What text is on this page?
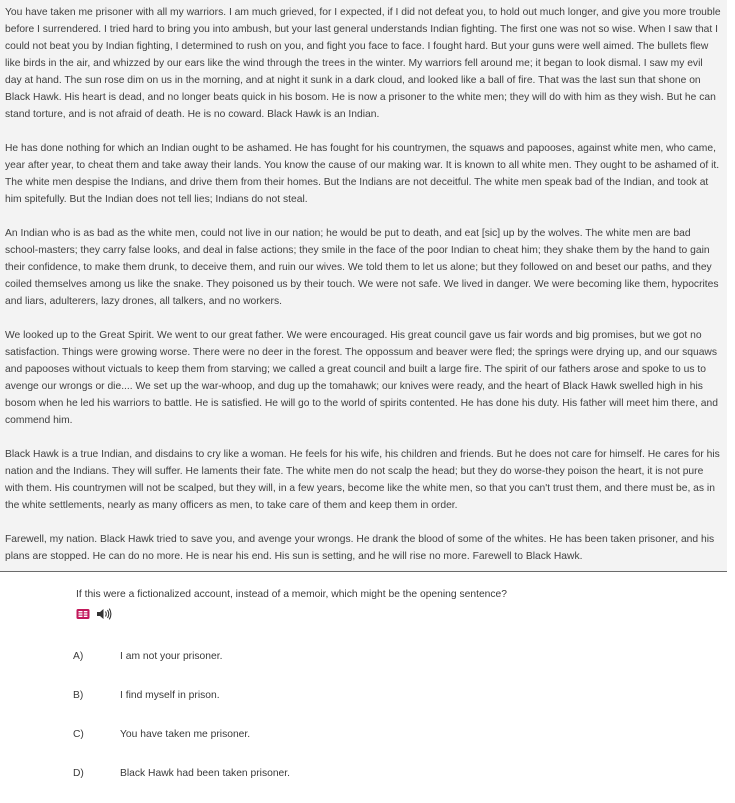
You have taken me prisoner with all my warriors. I am much grieved, for I expected, if I did not defeat you, to hold out much longer, and give you more trouble before I surrendered. I tried hard to bring you into ambush, but your last general understands Indian fighting. The first one was not so wise. When I saw that I could not beat you by Indian fighting, I determined to rush on you, and fight you face to face. I fought hard. But your guns were well aimed. The bullets flew like birds in the air, and whizzed by our ears like the wind through the trees in the winter. My warriors fell around me; it began to look dismal. I saw my evil day at hand. The sun rose dim on us in the morning, and at night it sunk in a dark cloud, and looked like a ball of fire. That was the last sun that shone on Black Hawk. His heart is dead, and no longer beats quick in his bosom. He is now a prisoner to the white men; they will do with him as they wish. But he can stand torture, and is not afraid of death. He is no coward. Black Hawk is an Indian.

He has done nothing for which an Indian ought to be ashamed. He has fought for his countrymen, the squaws and papooses, against white men, who came, year after year, to cheat them and take away their lands. You know the cause of our making war. It is known to all white men. They ought to be ashamed of it. The white men despise the Indians, and drive them from their homes. But the Indians are not deceitful. The white men speak bad of the Indian, and took at him spitefully. But the Indian does not tell lies; Indians do not steal.

An Indian who is as bad as the white men, could not live in our nation; he would be put to death, and eat [sic] up by the wolves. The white men are bad school-masters; they carry false looks, and deal in false actions; they smile in the face of the poor Indian to cheat him; they shake them by the hand to gain their confidence, to make them drunk, to deceive them, and ruin our wives. We told them to let us alone; but they followed on and beset our paths, and they coiled themselves among us like the snake. They poisoned us by their touch. We were not safe. We lived in danger. We were becoming like them, hypocrites and liars, adulterers, lazy drones, all talkers, and no workers.

We looked up to the Great Spirit. We went to our great father. We were encouraged. His great council gave us fair words and big promises, but we got no satisfaction. Things were growing worse. There were no deer in the forest. The oppossum and beaver were fled; the springs were drying up, and our squaws and papooses without victuals to keep them from starving; we called a great council and built a large fire. The spirit of our fathers arose and spoke to us to avenge our wrongs or die.... We set up the war-whoop, and dug up the tomahawk; our knives were ready, and the heart of Black Hawk swelled high in his bosom when he led his warriors to battle. He is satisfied. He will go to the world of spirits contented. He has done his duty. His father will meet him there, and commend him.

Black Hawk is a true Indian, and disdains to cry like a woman. He feels for his wife, his children and friends. But he does not care for himself. He cares for his nation and the Indians. They will suffer. He laments their fate. The white men do not scalp the head; but they do worse-they poison the heart, it is not pure with them. His countrymen will not be scalped, but they will, in a few years, become like the white men, so that you can't trust them, and there must be, as in the white settlements, nearly as many officers as men, to take care of them and keep them in order.

Farewell, my nation. Black Hawk tried to save you, and avenge your wrongs. He drank the blood of some of the whites. He has been taken prisoner, and his plans are stopped. He can do no more. He is near his end. His sun is setting, and he will rise no more. Farewell to Black Hawk.

If this were a fictionalized account, instead of a memoir, which might be the opening sentence?
A)	I am not your prisoner.
B)	I find myself in prison.
C)	You have taken me prisoner.
D)	Black Hawk had been taken prisoner.
